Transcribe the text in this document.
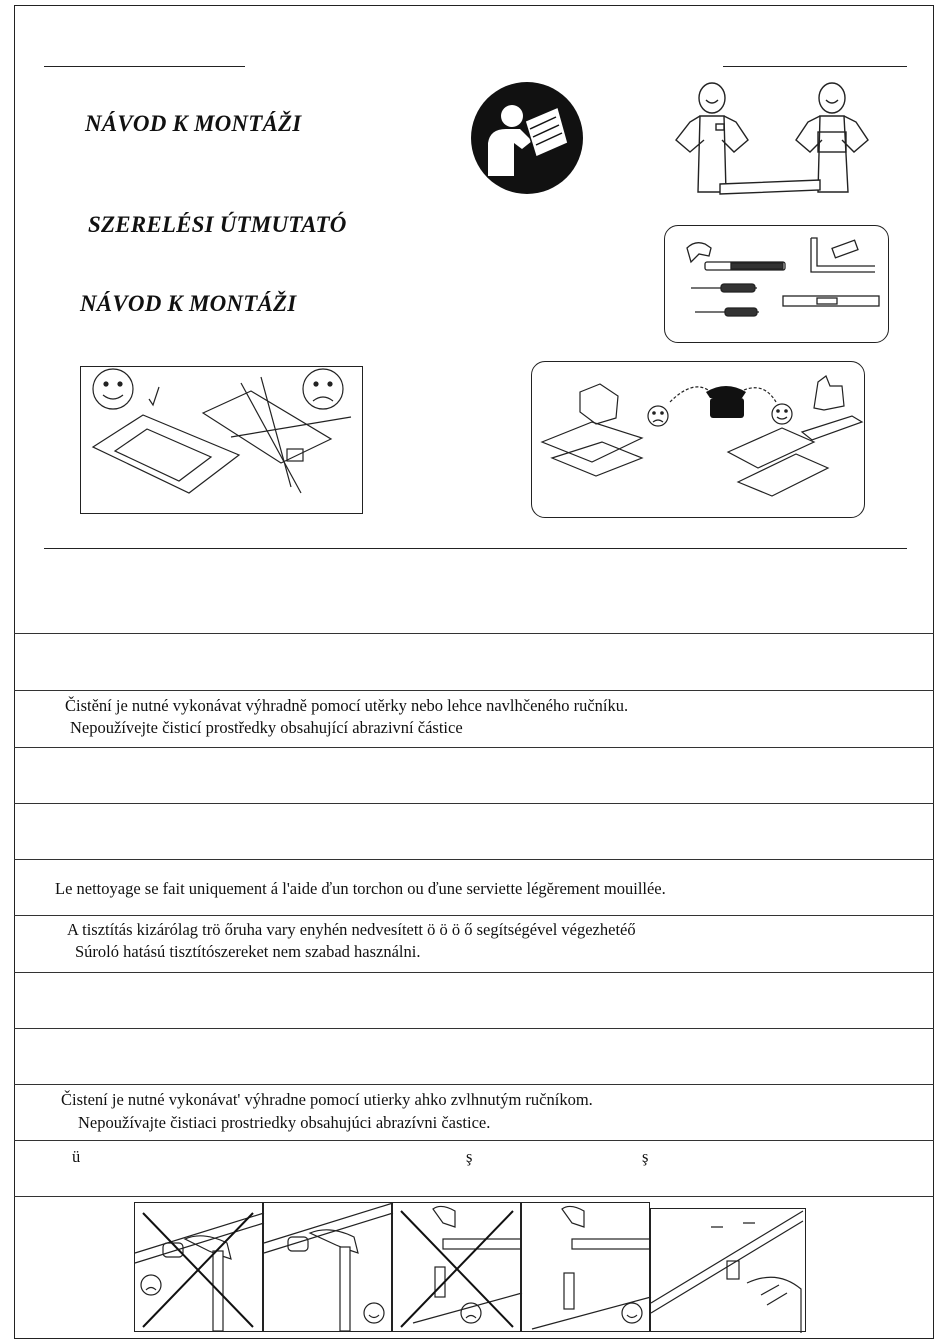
NÁVOD K MONTÁŽI
SZERELÉSI ÚTMUTATÓ
NÁVOD K MONTÁŽI
Čistění je nutné vykonávat výhradně pomocí utěrky nebo lehce navlhčeného ručníku.
Nepoužívejte čisticí prostředky obsahující abrazivní částice
Le nettoyage se fait uniquement á l'aide ďun torchon ou ďune serviette légĕrement mouillée.
A tisztítás kizárólag trö őruha vary enyhén nedvesített ö ö ö ő segítségével végezhetéő
Súroló hatású tisztítószereket nem szabad használni.
Čistení je nutné vykonávat' výhradne pomocí utierky ahko zvlhnutým ručníkom.
Nepoužívajte čistiaci prostriedky obsahujúci abrazívni častice.
ü	ş	ş
